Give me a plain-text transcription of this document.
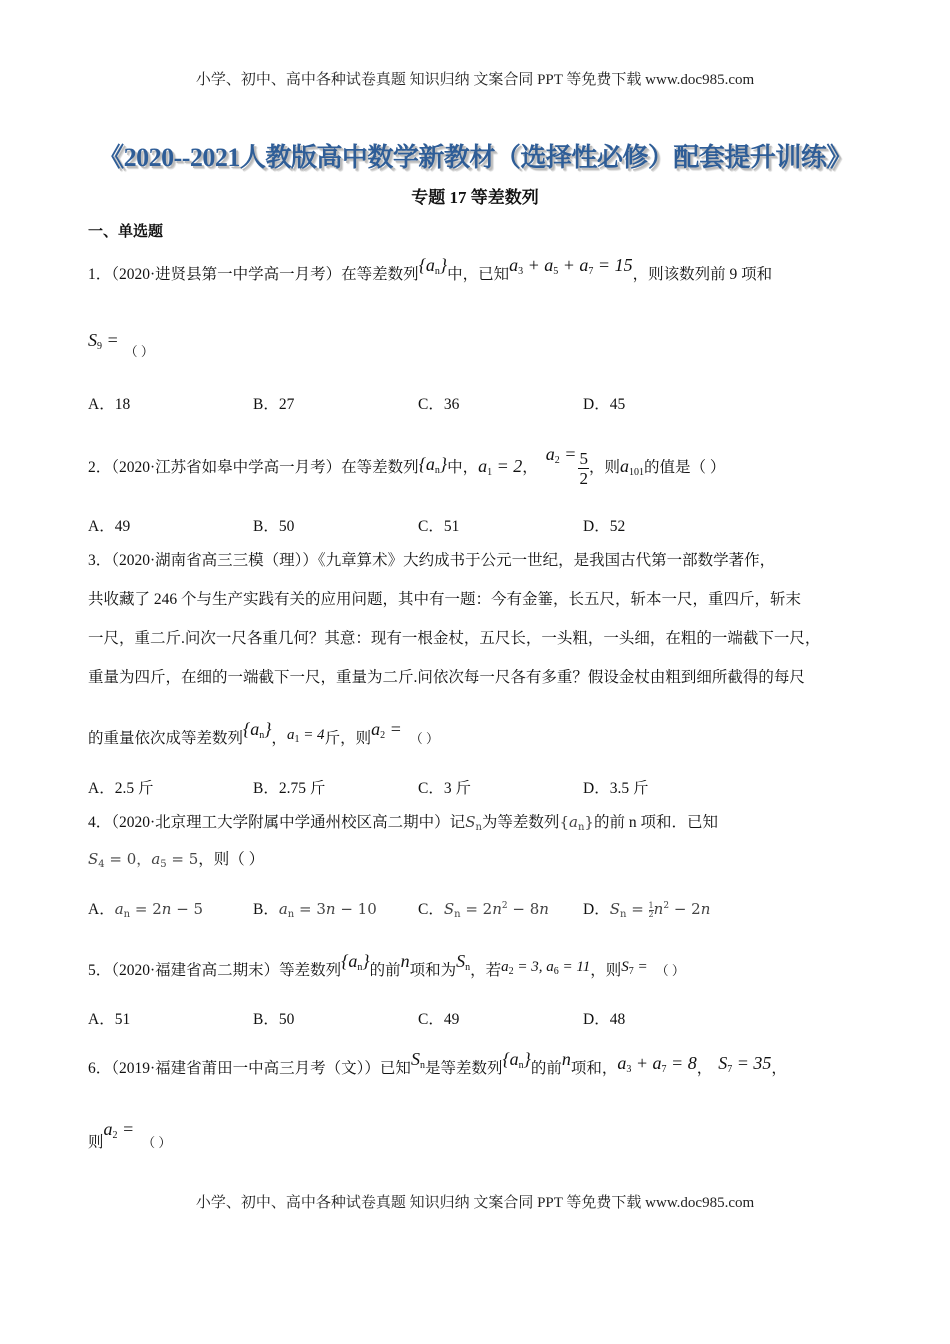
小学、初中、高中各种试卷真题 知识归纳 文案合同 PPT 等免费下载 www.doc985.com
《2020--2021人教版高中数学新教材（选择性必修）配套提升训练》
专题 17 等差数列
一、单选题
1．（2020·进贤县第一中学高一月考）在等差数列$\{a_n\}$中，已知$a_3 + a_5 + a_7 = 15$，则该数列前 9 项和
$S_9 =_{( )}$
A．18	B．27	C．36	D．45
2．（2020·江苏省如皋中学高一月考）在等差数列$\{a_n\}$中，$a_1 = 2$，$a_2 = \frac{5}{2}$ ，则$a_{101}$的值是（ ）
A．49	B．50	C．51	D．52
3．（2020·湖南省高三三模（理））《九章算术》大约成书于公元一世纪，是我国古代第一部数学著作，
共收藏了 246 个与生产实践有关的应用问题，其中有一题：今有金箠，长五尺，斩本一尺，重四斤，斩末
一尺，重二斤.问次一尺各重几何？其意：现有一根金杖，五尺长，一头粗，一头细，在粗的一端截下一尺，
重量为四斤，在细的一端截下一尺，重量为二斤.问依次每一尺各有多重？假设金杖由粗到细所截得的每尺
的重量依次成等差数列$\{a_n\}$，$a_1 = 4$斤，则$a_2$ = （ ）
A．2.5 斤	B．2.75 斤	C．3 斤	D．3.5 斤
4．（2020·北京理工大学附属中学通州校区高二期中）记$S_n$为等差数列$\{a_n\}$的前 n 项和．已知
$S_4 = 0$，$a_5 = 5$，则（ ）
A．$a_n = 2n - 5$	B．$a_n = 3n - 10$	C．$S_n = 2n^2 - 8n$ D．$S_n = \frac{1}{2} n^2 - 2n$
5．（2020·福建省高二期末）等差数列$\{a_n\}$的前n项和为$S_n$，若$a_2 = 3$, $a_6 = 11$，则$S_7$ = （ ）
A．51	B．50	C．49	D．48
6．（2019·福建省莆田一中高三月考（文））已知$S_n$是等差数列$\{a_n\}$的前n项和，$a_3 + a_7 = 8$， $S_7 = 35$，
则$a_2$ =（ ）
小学、初中、高中各种试卷真题 知识归纳 文案合同 PPT 等免费下载 www.doc985.com
